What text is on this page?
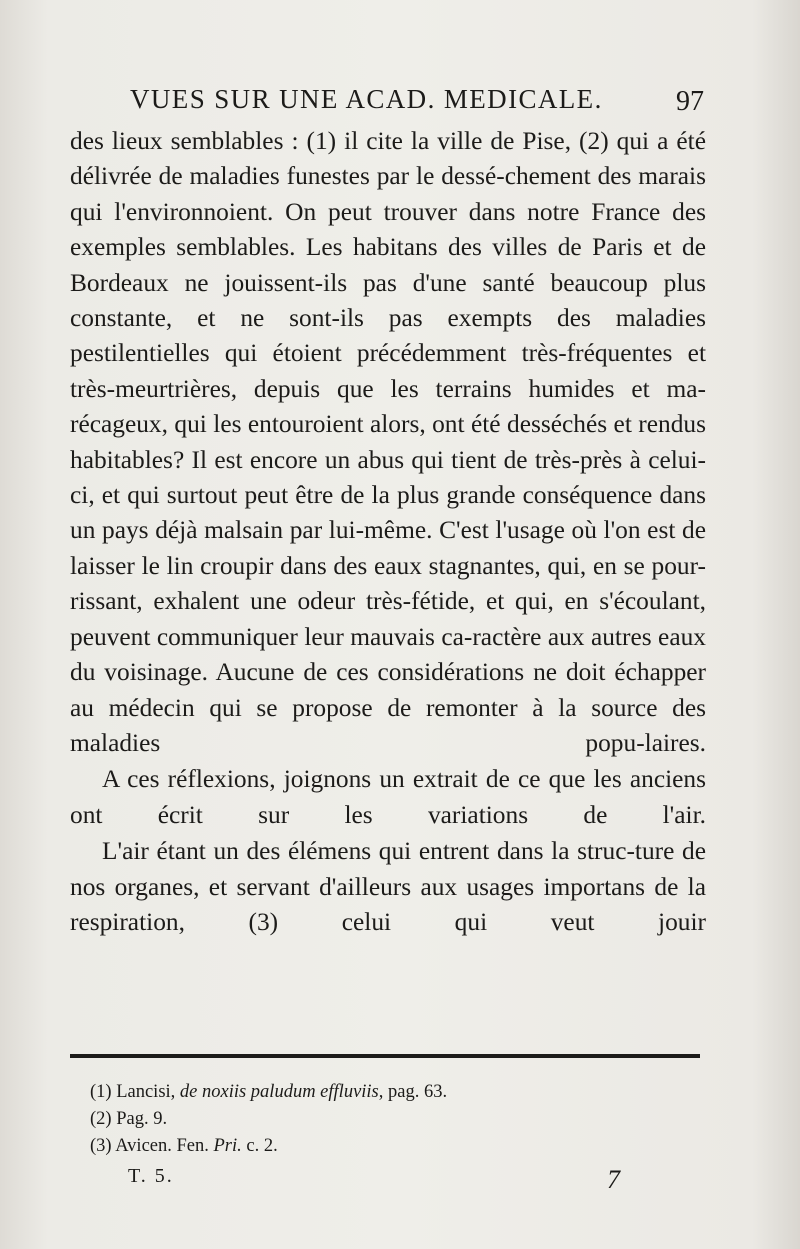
VUES SUR UNE ACAD. MEDICALE.	97

des lieux semblables : (1) il cite la ville de Pise, (2) qui a été délivrée de maladies funestes par le dessé-chement des marais qui l'environnoient. On peut trouver dans notre France des exemples semblables. Les habitans des villes de Paris et de Bordeaux ne jouissent-ils pas d'une santé beaucoup plus constante, et ne sont-ils pas exempts des maladies pestilentielles qui étoient précédemment très-fréquentes et très-meurtrières, depuis que les terrains humides et ma-récageux, qui les entouroient alors, ont été desséchés et rendus habitables? Il est encore un abus qui tient de très-près à celui-ci, et qui surtout peut être de la plus grande conséquence dans un pays déjà malsain par lui-même. C'est l'usage où l'on est de laisser le lin croupir dans des eaux stagnantes, qui, en se pour-rissant, exhalent une odeur très-fétide, et qui, en s'écoulant, peuvent communiquer leur mauvais ca-ractère aux autres eaux du voisinage. Aucune de ces considérations ne doit échapper au médecin qui se propose de remonter à la source des maladies popu-laires.

A ces réflexions, joignons un extrait de ce que les anciens ont écrit sur les variations de l'air.

L'air étant un des élémens qui entrent dans la struc-ture de nos organes, et servant d'ailleurs aux usages importans de la respiration, (3) celui qui veut jouir

(1) Lancisi, de noxiis paludum effluviis, pag. 63.
(2) Pag. 9.
(3) Avicen. Fen. Pri. c. 2.
T. 5.	7
